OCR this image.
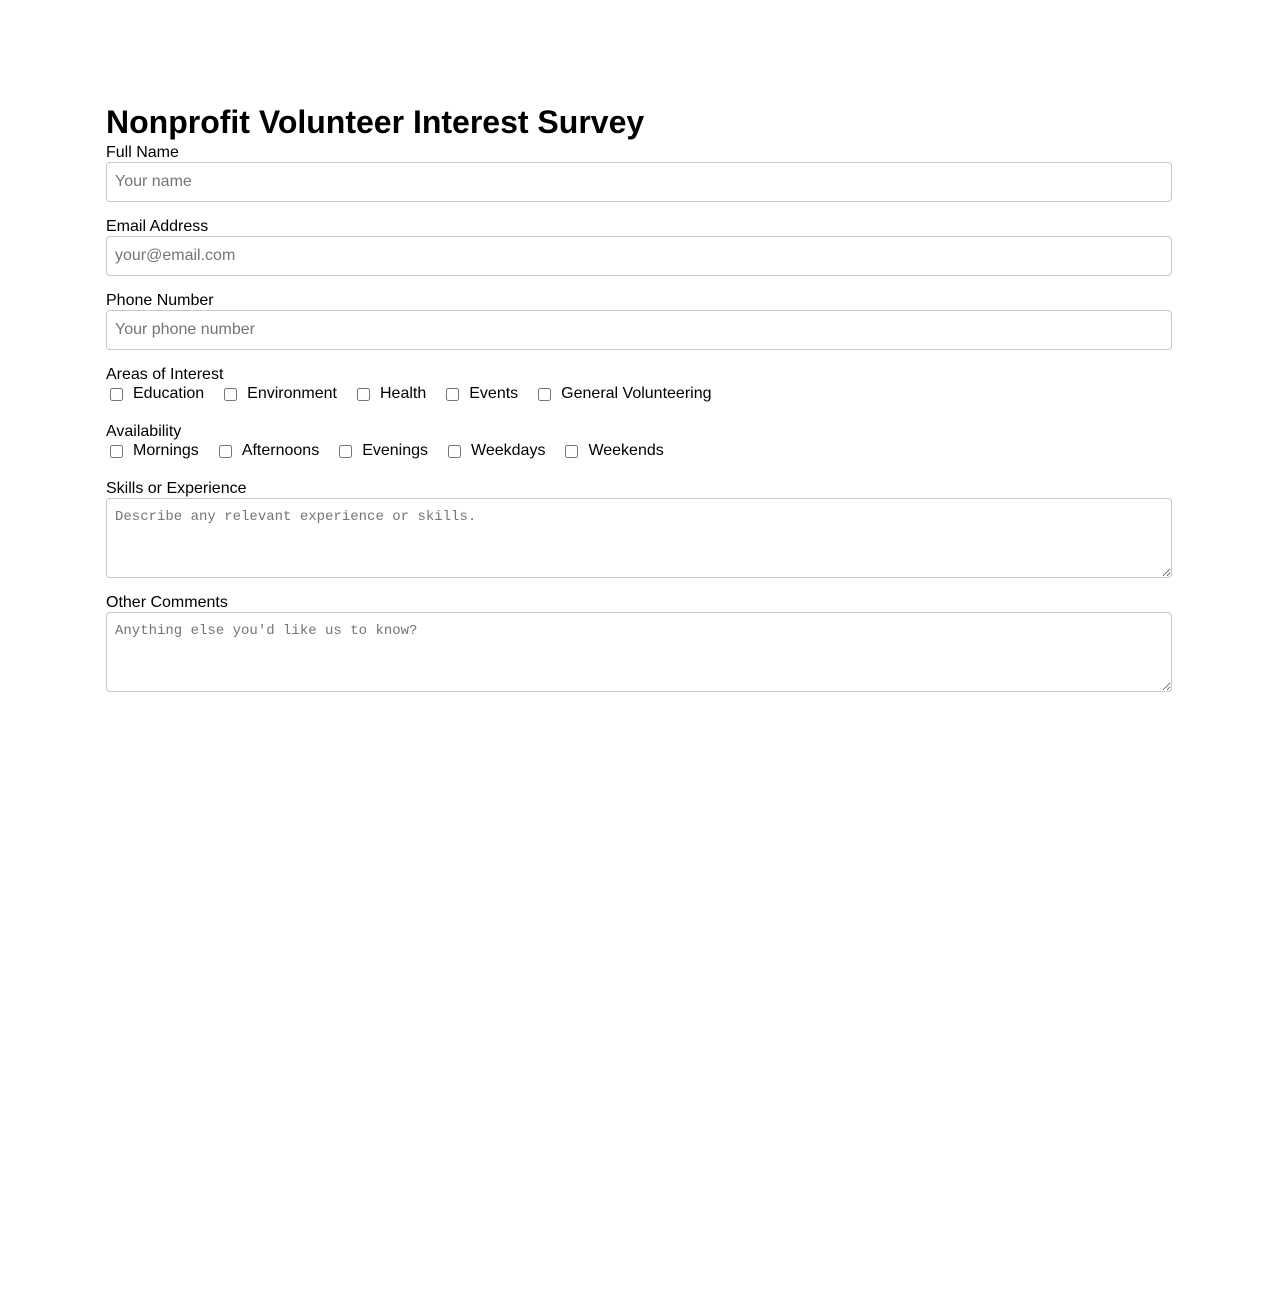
Nonprofit Volunteer Interest Survey
Full Name
Your name
Email Address
your@email.com
Phone Number
Your phone number
Areas of Interest
Education	Environment	Health	Events	General Volunteering
Availability
Mornings	Afternoons	Evenings	Weekdays	Weekends
Skills or Experience
Describe any relevant experience or skills.
Other Comments
Anything else you'd like us to know?
